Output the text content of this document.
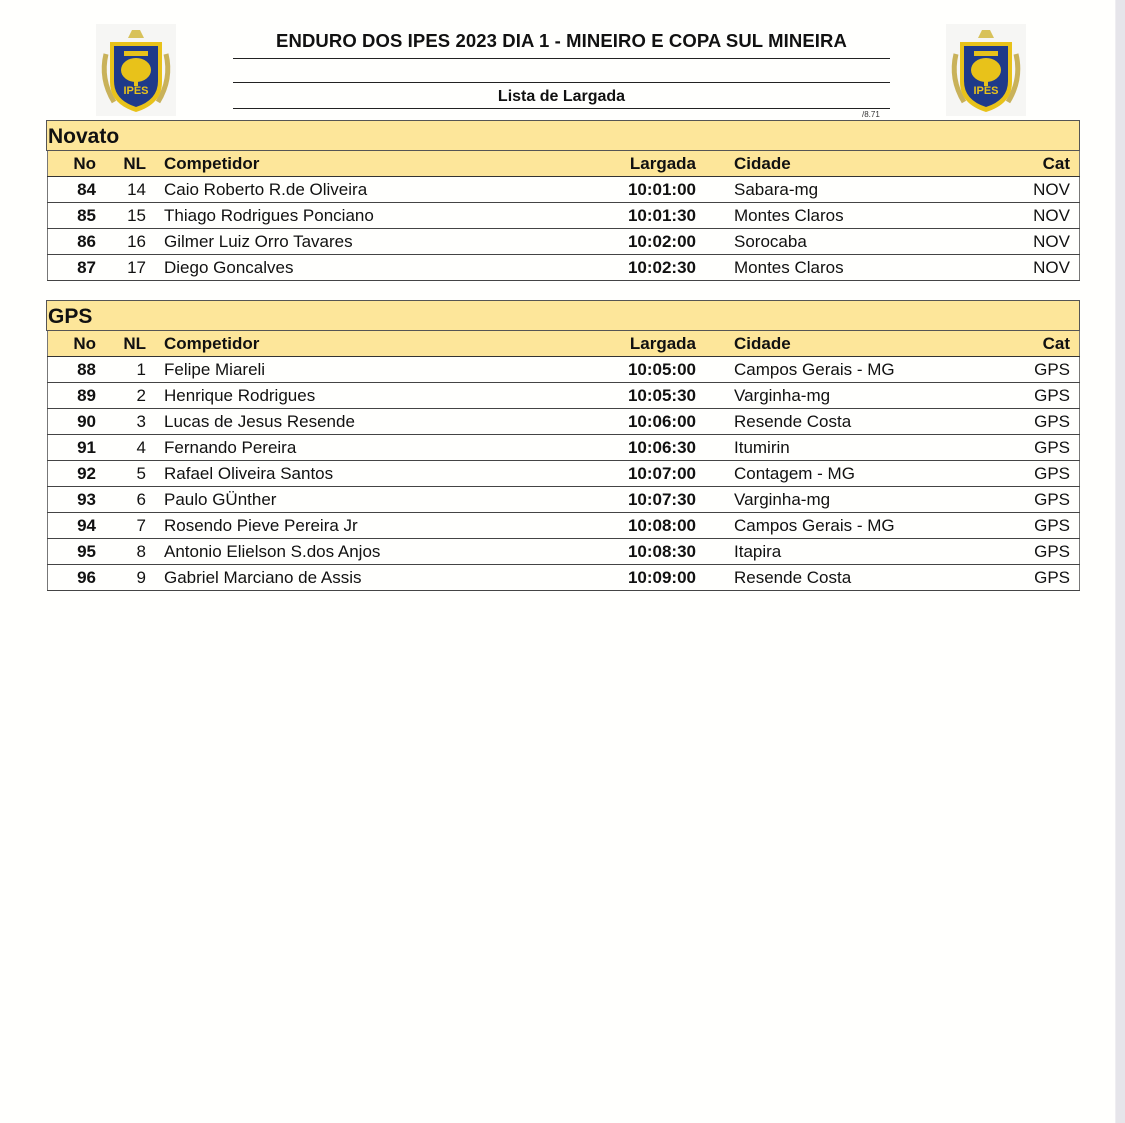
IPES	IPES
ENDURO DOS IPES 2023 DIA 1 - MINEIRO E COPA SUL MINEIRA
Lista de Largada
/8.71
Novato
No	NL	Competidor	Largada	Cidade	Cat
84	14	Caio Roberto R.de Oliveira	10:01:00	Sabara-mg	NOV
85	15	Thiago Rodrigues Ponciano	10:01:30	Montes Claros	NOV
86	16	Gilmer Luiz Orro Tavares	10:02:00	Sorocaba	NOV
87	17	Diego Goncalves	10:02:30	Montes Claros	NOV
GPS
No	NL	Competidor	Largada	Cidade	Cat
88	1	Felipe Miareli	10:05:00	Campos Gerais - MG	GPS
89	2	Henrique Rodrigues	10:05:30	Varginha-mg	GPS
90	3	Lucas de Jesus Resende	10:06:00	Resende Costa	GPS
91	4	Fernando Pereira	10:06:30	Itumirin	GPS
92	5	Rafael Oliveira Santos	10:07:00	Contagem - MG	GPS
93	6	Paulo GÜnther	10:07:30	Varginha-mg	GPS
94	7	Rosendo Pieve Pereira Jr	10:08:00	Campos Gerais - MG	GPS
95	8	Antonio Elielson S.dos Anjos	10:08:30	Itapira	GPS
96	9	Gabriel Marciano de Assis	10:09:00	Resende Costa	GPS
